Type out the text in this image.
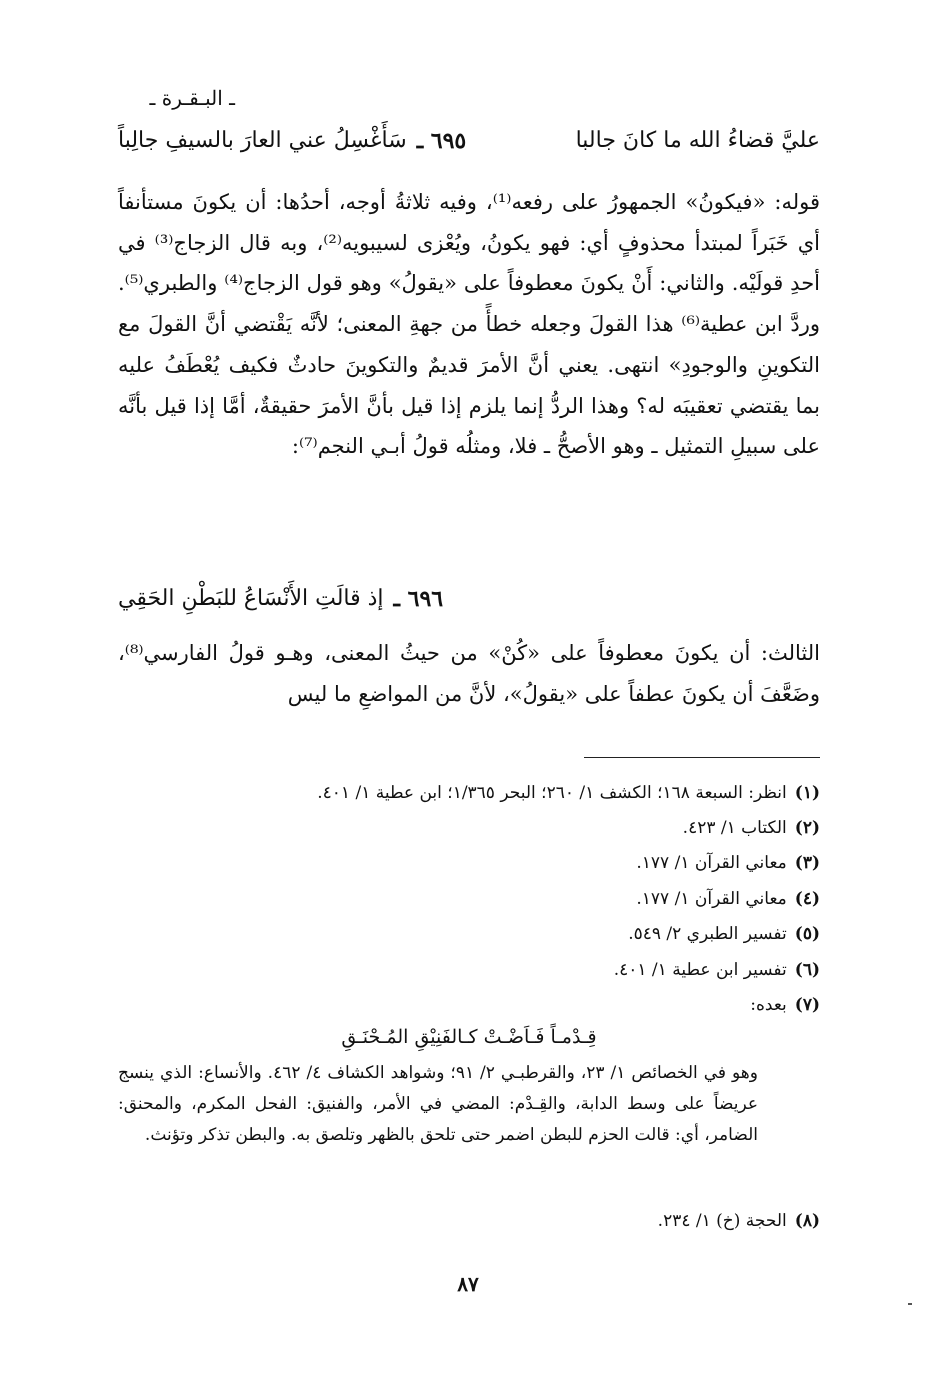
ـ البـقـرة ـ
٦٩٥ ـ
سَأَغْسِلُ عني العارَ بالسيفِ جالِباً	عليَّ قضاءُ الله ما كانَ جالبا
قوله: «فيكونُ» الجمهورُ على رفعه⁽¹⁾، وفيه ثلاثةُ أوجه، أحدُها: أن يكونَ مستأنفاً أي خَبَراً لمبتدأ محذوفٍ أي: فهو يكونُ، ويُعْزى لسيبويه⁽²⁾، وبه قال الزجاج⁽³⁾ في أحدِ قولَيْه. والثاني: أَنْ يكونَ معطوفاً على «يقولُ» وهو قول الزجاج⁽⁴⁾ والطبري⁽⁵⁾. وردَّ ابن عطية⁽⁶⁾ هذا القولَ وجعله خطأً من جهةِ المعنى؛ لأنَّه يَقْتضي أنَّ القولَ مع التكوينِ والوجودِ» انتهى. يعني أنَّ الأمرَ قديمٌ والتكوينَ حادثٌ فكيف يُعْطَفُ عليه بما يقتضي تعقيبَه له؟ وهذا الردُّ إنما يلزم إذا قيل بأنَّ الأمرَ حقيقةٌ، أمَّا إذا قيل بأنَّه على سبيلِ التمثيل ـ وهو الأصحُّ ـ فلا، ومثلُه قولُ أبـي النجم⁽⁷⁾:
٦٩٦ ـ
إذ قالَتِ الأَنْسَاعُ للبَطْنِ الحَقِي
الثالث: أن يكونَ معطوفاً على «كُنْ» من حيثُ المعنى، وهـو قولُ الفارسي⁽⁸⁾، وضَعَّفَ أن يكونَ عطفاً على «يقولُ»، لأنَّ من المواضعِ ما ليس
(١)انظر: السبعة ١٦٨؛ الكشف ١/ ٢٦٠؛ البحر ١/٣٦٥؛ ابن عطية ١/ ٤٠١.
(٢)الكتاب ١/ ٤٢٣.
(٣)معاني القرآن ١/ ١٧٧.
(٤)معاني القرآن ١/ ١٧٧.
(٥)تفسير الطبري ٢/ ٥٤٩.
(٦)تفسير ابن عطية ١/ ٤٠١.
(٧)بعده:
قِـدْمـاً فَـاَضْـتْ كـالفَنِيْقِ المُـحْنَـقِ
وهو في الخصائص ١/ ٢٣، والقرطبـي ٢/ ٩١؛ وشواهد الكشاف ٤/ ٤٦٢. والأنساع: الذي ينسج عريضاً على وسط الدابة، والقِـدْم: المضي في الأمر، والفنيق: الفحل المكرم، والمحنق: الضامر، أي: قالت الحزم للبطن اضمر حتى تلحق بالظهر وتلصق به. والبطن تذكر وتؤنث.
(٨)الحجة (خ) ١/ ٢٣٤.
٨٧
